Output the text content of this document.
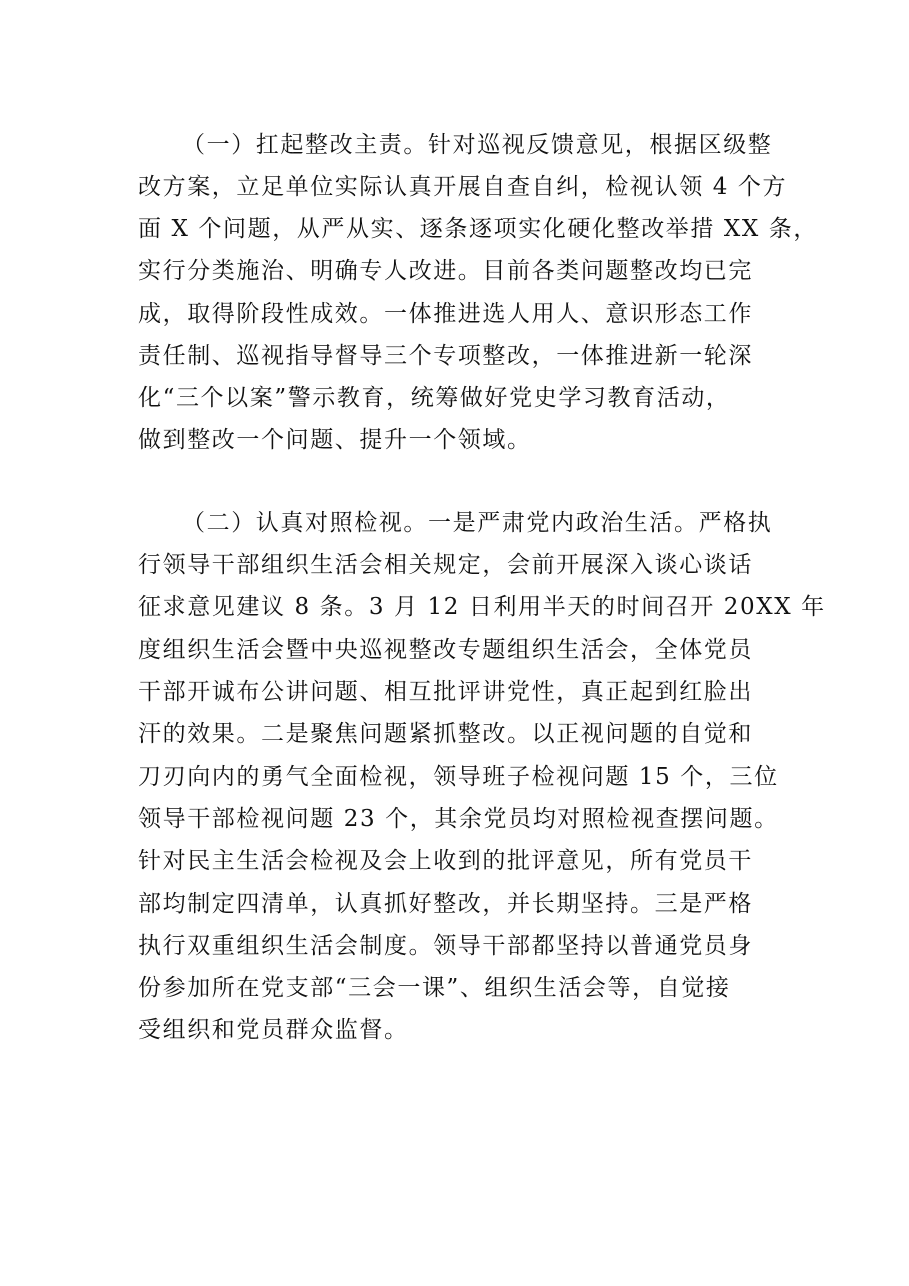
（一）扛起整改主责。针对巡视反馈意见，根据区级整
改方案，立足单位实际认真开展自查自纠，检视认领 4 个方
面 X 个问题，从严从实、逐条逐项实化硬化整改举措 XX 条，
实行分类施治、明确专人改进。目前各类问题整改均已完
成，取得阶段性成效。一体推进选人用人、意识形态工作
责任制、巡视指导督导三个专项整改，一体推进新一轮深
化“三个以案”警示教育，统筹做好党史学习教育活动，
做到整改一个问题、提升一个领域。
（二）认真对照检视。一是严肃党内政治生活。严格执
行领导干部组织生活会相关规定，会前开展深入谈心谈话
征求意见建议 8 条。3 月 12 日利用半天的时间召开 20XX 年
度组织生活会暨中央巡视整改专题组织生活会，全体党员
干部开诚布公讲问题、相互批评讲党性，真正起到红脸出
汗的效果。二是聚焦问题紧抓整改。以正视问题的自觉和
刀刃向内的勇气全面检视，领导班子检视问题 15 个，三位
领导干部检视问题 23 个，其余党员均对照检视查摆问题。
针对民主生活会检视及会上收到的批评意见，所有党员干
部均制定四清单，认真抓好整改，并长期坚持。三是严格
执行双重组织生活会制度。领导干部都坚持以普通党员身
份参加所在党支部“三会一课”、组织生活会等，自觉接
受组织和党员群众监督。
